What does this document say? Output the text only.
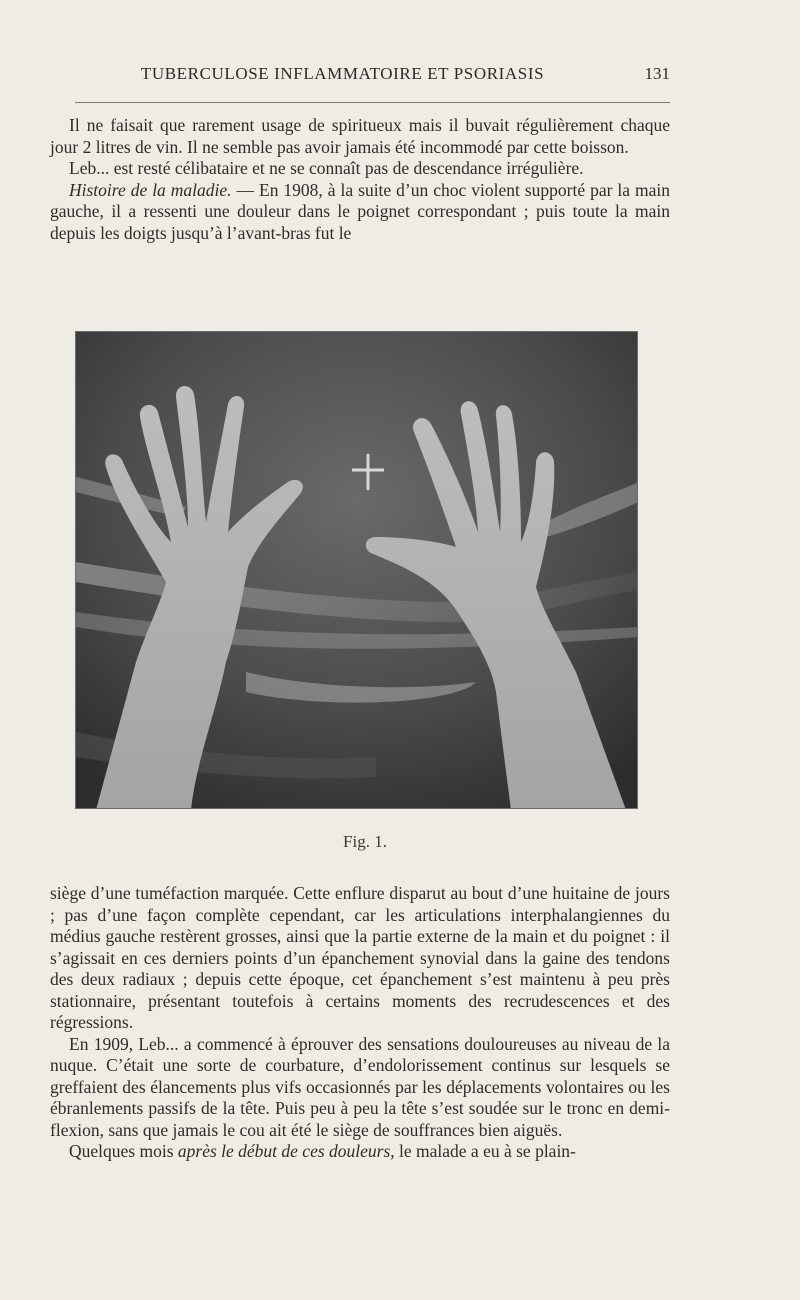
TUBERCULOSE INFLAMMATOIRE ET PSORIASIS	131

Il ne faisait que rarement usage de spiritueux mais il buvait régulièrement chaque jour 2 litres de vin. Il ne semble pas avoir jamais été incommodé par cette boisson.

Leb... est resté célibataire et ne se connaît pas de descendance irrégulière.

Histoire de la maladie. — En 1908, à la suite d’un choc violent supporté par la main gauche, il a ressenti une douleur dans le poignet correspondant ; puis toute la main depuis les doigts jusqu’à l’avant-bras fut le

Fig. 1.

siège d’une tuméfaction marquée. Cette enflure disparut au bout d’une huitaine de jours ; pas d’une façon complète cependant, car les articulations interphalangiennes du médius gauche restèrent grosses, ainsi que la partie externe de la main et du poignet : il s’agissait en ces derniers points d’un épanchement synovial dans la gaine des tendons des deux radiaux ; depuis cette époque, cet épanchement s’est maintenu à peu près stationnaire, présentant toutefois à certains moments des recrudescences et des régressions.

En 1909, Leb... a commencé à éprouver des sensations douloureuses au niveau de la nuque. C’était une sorte de courbature, d’endolorissement continus sur lesquels se greffaient des élancements plus vifs occasionnés par les déplacements volontaires ou les ébranlements passifs de la tête. Puis peu à peu la tête s’est soudée sur le tronc en demi-flexion, sans que jamais le cou ait été le siège de souffrances bien aiguës.

Quelques mois après le début de ces douleurs, le malade a eu à se plain-
